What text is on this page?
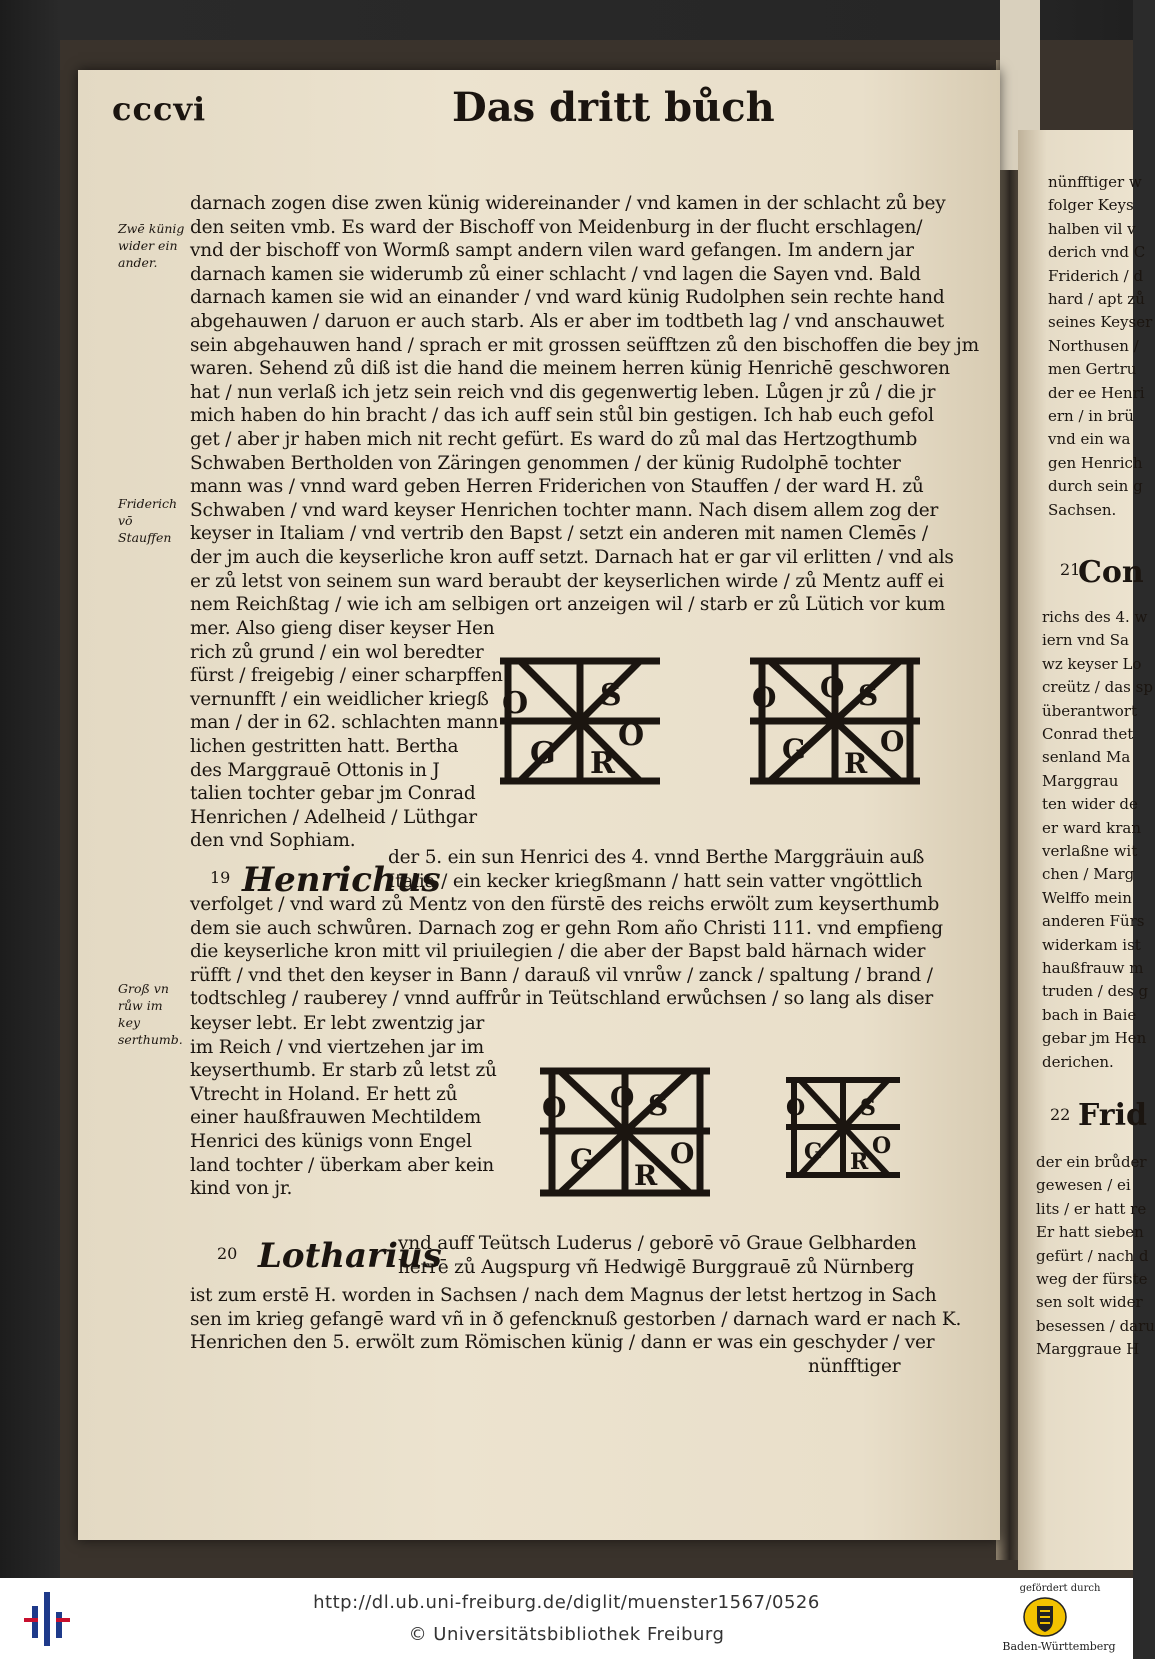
cccvi	Das dritt bůch
darnach zogen dise zwen künig widereinander / vnd kamen in der schlacht zů bey
den seiten vmb. Es ward der Bischoff von Meidenburg in der flucht erschlagen/
vnd der bischoff von Wormß sampt andern vilen ward gefangen. Im andern jar
darnach kamen sie widerumb zů einer schlacht / vnd lagen die Sayen vnd. Bald
darnach kamen sie wid an einander / vnd ward künig Rudolphen sein rechte hand
abgehauwen / daruon er auch starb. Als er aber im todtbeth lag / vnd anschauwet
sein abgehauwen hand / sprach er mit grossen seüfftzen zů den bischoffen die bey jm
waren. Sehend zů diß ist die hand die meinem herren künig Henrichē geschworen
hat / nun verlaß ich jetz sein reich vnd dis gegenwertig leben. Lůgen jr zů / die jr
mich haben do hin bracht / das ich auff sein stůl bin gestigen. Ich hab euch gefol
get / aber jr haben mich nit recht gefürt. Es ward do zů mal das Hertzogthumb
Schwaben Bertholden von Zäringen genommen / der künig Rudolphē tochter
mann was / vnnd ward geben Herren Friderichen von Stauffen / der ward H. zů
Schwaben / vnd ward keyser Henrichen tochter mann. Nach disem allem zog der
keyser in Italiam / vnd vertrib den Bapst / setzt ein anderen mit namen Clemēs /
der jm auch die keyserliche kron auff setzt. Darnach hat er gar vil erlitten / vnd als
er zů letst von seinem sun ward beraubt der keyserlichen wirde / zů Mentz auff ei
nem Reichßtag / wie ich am selbigen ort anzeigen wil / starb er zů Lütich vor kum
mer. Also gieng diser keyser Hen
rich zů grund / ein wol beredter
fürst / freigebig / einer scharpffen
vernunfft / ein weidlicher kriegß
man / der in 62. schlachten mann
lichen gestritten hatt. Bertha
des Marggrauē Ottonis in J
talien tochter gebar jm Conrad
Henrichen / Adelheid / Lüthgar
den vnd Sophiam.
Zwē künig wider ein ander.
Friderich vō Stauffen
Groß vn růw im key serthumb.
19 Henrichus
der 5. ein sun Henrici des 4. vnnd Berthe Marggräuin auß
Italia / ein kecker kriegßmann / hatt sein vatter vngöttlich
verfolget / vnd ward zů Mentz von den fürstē des reichs erwölt zum keyserthumb
dem sie auch schwůren. Darnach zog er gehn Rom año Christi 111. vnd empfieng
die keyserliche kron mitt vil priuilegien / die aber der Bapst bald härnach wider
rüfft / vnd thet den keyser in Bann / darauß vil vnrůw / zanck / spaltung / brand /
todtschleg / rauberey / vnnd auffrůr in Teütschland erwůchsen / so lang als diser
keyser lebt. Er lebt zwentzig jar
im Reich / vnd viertzehen jar im
keyserthumb. Er starb zů letst zů
Vtrecht in Holand. Er hett zů
einer haußfrauwen Mechtildem
Henrici des künigs vonn Engel
land tochter / überkam aber kein
kind von jr.
20 Lotharius
vnd auff Teütsch Luderus / geborē vō Graue Gelbharden
herrē zů Augspurg vñ Hedwigē Burggrauē zů Nürnberg
ist zum erstē H. worden in Sachsen / nach dem Magnus der letst hertzog in Sach
sen im krieg gefangē ward vñ in ð gefencknuß gestorben / darnach ward er nach K.
Henrichen den 5. erwölt zum Römischen künig / dann er was ein geschyder / ver
nünfftiger
S
G R
O
O
S
G R
O O
O
S
G R
O O
O
S
G R
O
O
nünfftiger w
folger Keys
halben vil v
derich vnd C
Friderich / d
hard / apt zů
seines Keyser
Northusen /
men Gertru
der ee Henri
ern / in brü
vnd ein wa
gen Henrich
durch sein g
Sachsen.
21
Con
richs des 4. w
iern vnd Sa
wz keyser Lo
creütz / das sp
überantwort
Conrad thet
senland Ma
Marggrau
ten wider de
er ward kran
verlaßne wit
chen / Marg
Welffo mein
anderen Fürs
widerkam ist
haußfrauw m
truden / des g
bach in Baie
gebar jm Hen
derichen.
22 Frid
der ein brůder
gewesen / ei
lits / er hatt re
Er hatt sieben
gefürt / nach d
weg der fürste
sen solt wider
besessen / daru
Marggraue H
http://dl.ub.uni-freiburg.de/diglit/muenster1567/0526
© Universitätsbibliothek Freiburg
gefördert durch
Baden-Württemberg
